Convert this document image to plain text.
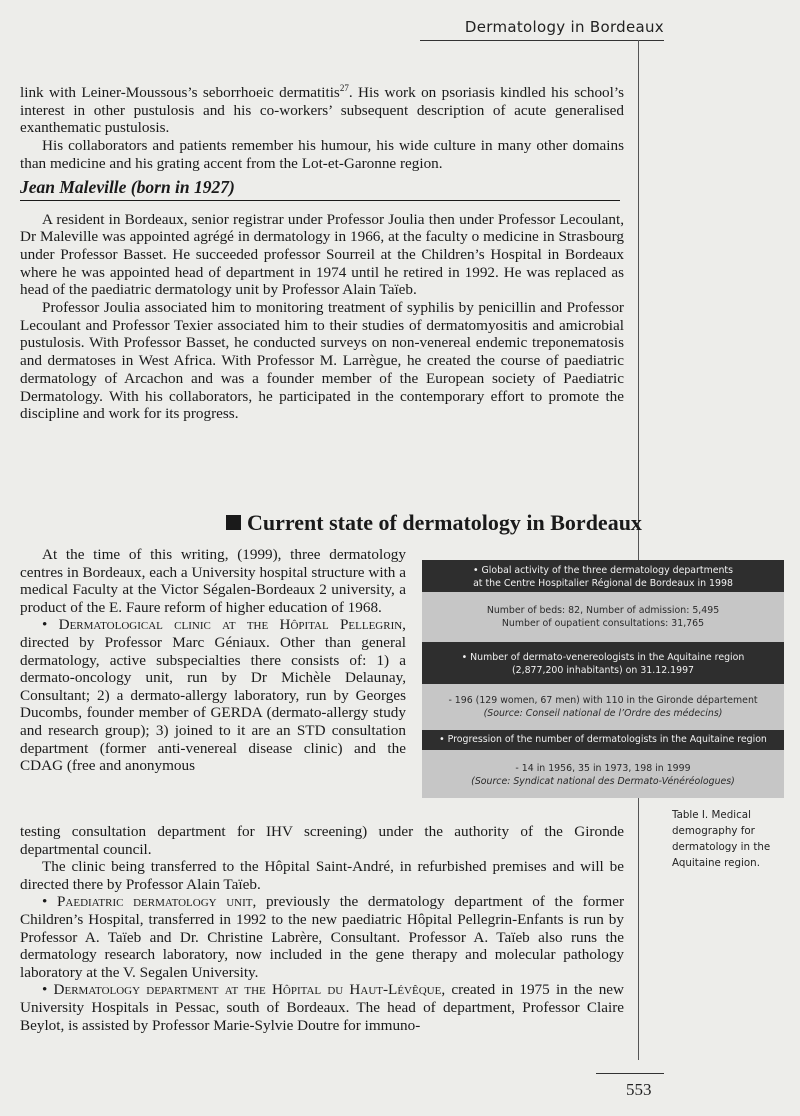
Dermatology in Bordeaux

link with Leiner-Moussous’s seborrhoeic dermatitis$^{27}$. His work on psoriasis kindled his school’s interest in other pustulosis and his co-workers’ subsequent description of acute generalised exanthematic pustulosis.

His collaborators and patients remember his humour, his wide culture in many other domains than medicine and his grating accent from the Lot-et-Garonne region.

Jean Maleville (born in 1927)

A resident in Bordeaux, senior registrar under Professor Joulia then under Professor Lecoulant, Dr Maleville was appointed agrégé in dermatology in 1966, at the faculty o medicine in Strasbourg under Professor Basset. He succeeded professor Sourreil at the Children’s Hospital in Bordeaux where he was appointed head of department in 1974 until he retired in 1992. He was replaced as head of the paediatric dermatology unit by Professor Alain Taïeb.

Professor Joulia associated him to monitoring treatment of syphilis by penicillin and Professor Lecoulant and Professor Texier associated him to their studies of dermatomyositis and amicrobial pustulosis. With Professor Basset, he conducted surveys on non-venereal endemic treponematosis and dermatoses in West Africa. With Professor M. Larrègue, he created the course of paediatric dermatology of Arcachon and was a founder member of the European society of Paediatric Dermatology. With his collaborators, he participated in the contemporary effort to promote the discipline and work for its progress.

Current state of dermatology in Bordeaux

At the time of this writing, (1999), three dermatology centres in Bordeaux, each a University hospital structure with a medical Faculty at the Victor Ségalen-Bordeaux 2 university, a product of the E. Faure reform of higher education of 1968.

• Dermatological clinic at the Hôpital Pellegrin, directed by Professor Marc Géniaux. Other than general dermatology, active subspecialties there consists of: 1) a dermato-oncology unit, run by Dr Michèle Delaunay, Consultant; 2) a dermato-allergy laboratory, run by Georges Ducombs, founder member of GERDA (dermato-allergy study and research group); 3) joined to it are an STD consultation department (former anti-venereal disease clinic) and the CDAG (free and anonymous

testing consultation department for IHV screening) under the authority of the Gironde departmental council.

The clinic being transferred to the Hôpital Saint-André, in refurbished premises and will be directed there by Professor Alain Taïeb.

• Paediatric dermatology unit, previously the dermatology department of the former Children’s Hospital, transferred in 1992 to the new paediatric Hôpital Pellegrin-Enfants is run by Professor A. Taïeb and Dr. Christine Labrère, Consultant. Professor A. Taïeb also runs the dermatology research laboratory, now included in the gene therapy and molecular pathology laboratory at the V. Segalen University.

• Dermatology department at the Hôpital du Haut-Lévêque, created in 1975 in the new University Hospitals in Pessac, south of Bordeaux. The head of department, Professor Claire Beylot, is assisted by Professor Marie-Sylvie Doutre for immuno-

• Global activity of the three dermatology departments
at the Centre Hospitalier Régional de Bordeaux in 1998
Number of beds: 82, Number of admission: 5,495
Number of oupatient consultations: 31,765
• Number of dermato-venereologists in the Aquitaine region
(2,877,200 inhabitants) on 31.12.1997
- 196 (129 women, 67 men) with 110 in the Gironde département
(Source: Conseil national de l’Ordre des médecins)
• Progression of the number of dermatologists in the Aquitaine region
- 14 in 1956, 35 in 1973, 198 in 1999
(Source: Syndicat national des Dermato-Vénéréologues)
Table I. Medical demography for dermatology in the Aquitaine region.
553
